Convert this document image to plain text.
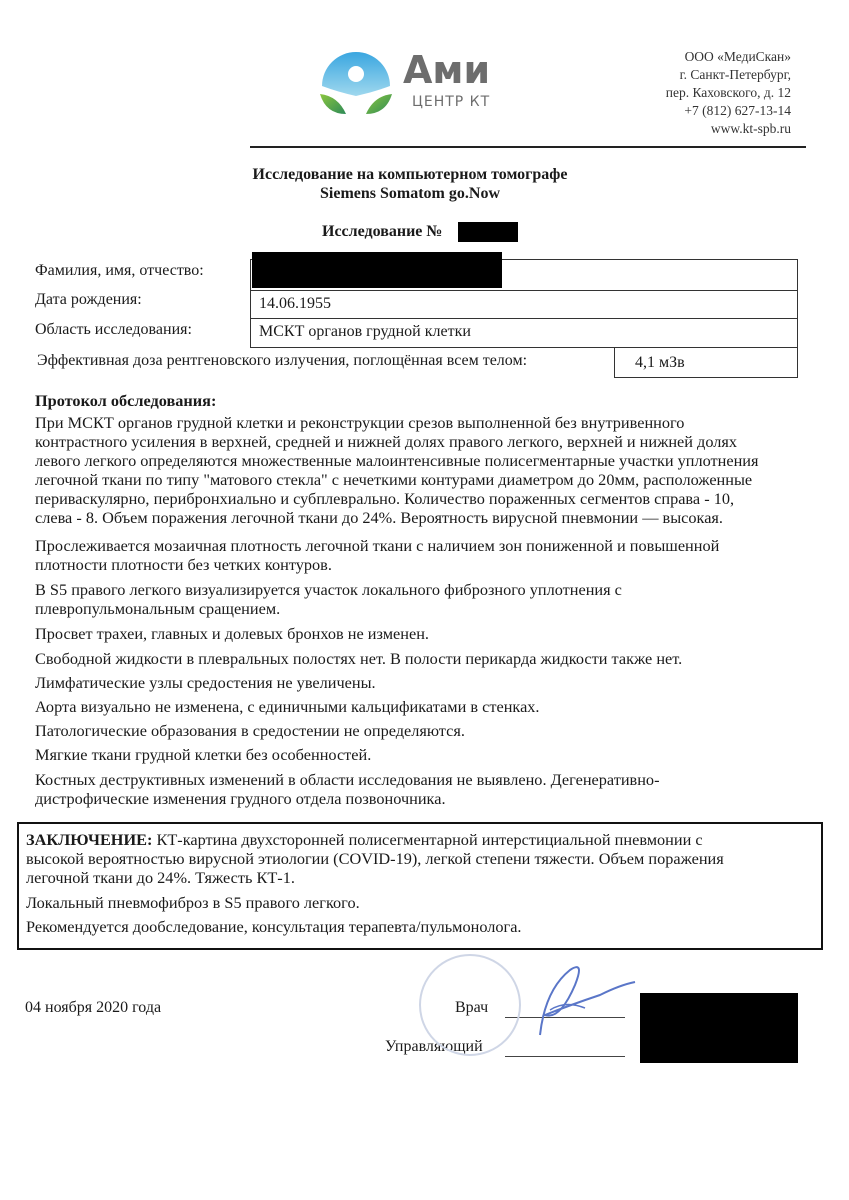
Ами
ЦЕНТР КТ
ООО «МедиСкан»
г. Санкт-Петербург,
пер. Каховского, д. 12
+7 (812) 627-13-14
www.kt-spb.ru
Исследование на компьютерном томографе
Siemens Somatom go.Now
Исследование №
Фамилия, имя, отчество:
Дата рождения:	14.06.1955
Область исследования:	МСКТ органов грудной клетки
Эффективная доза рентгеновского излучения, поглощённая всем телом:	4,1 мЗв
Протокол обследования:
При МСКТ органов грудной клетки и реконструкции срезов выполненной без внутривенного
контрастного усиления в верхней, средней и нижней долях правого легкого, верхней и нижней долях
левого легкого определяются множественные малоинтенсивные полисегментарные участки уплотнения
легочной ткани по типу "матового стекла" с нечеткими контурами диаметром до 20мм, расположенные
периваскулярно, перибронхиально и субплеврально. Количество пораженных сегментов справа - 10,
слева - 8. Объем поражения легочной ткани до 24%. Вероятность вирусной пневмонии — высокая.
Прослеживается мозаичная плотность легочной ткани с наличием зон пониженной и повышенной
плотности плотности без четких контуров.
В S5 правого легкого визуализируется участок локального фиброзного уплотнения с
плевропульмональным сращением.
Просвет трахеи, главных и долевых бронхов не изменен.
Свободной жидкости в плевральных полостях нет. В полости перикарда жидкости также нет.
Лимфатические узлы средостения не увеличены.
Аорта визуально не изменена, с единичными кальцификатами в стенках.
Патологические образования в средостении не определяются.
Мягкие ткани грудной клетки без особенностей.
Костных деструктивных изменений в области исследования не выявлено. Дегенеративно-
дистрофические изменения грудного отдела позвоночника.
ЗАКЛЮЧЕНИЕ: КТ-картина двухсторонней полисегментарной интерстициальной пневмонии с
высокой вероятностью вирусной этиологии (COVID-19), легкой степени тяжести. Объем поражения
легочной ткани до 24%. Тяжесть КТ-1.
Локальный пневмофиброз в S5 правого легкого.
Рекомендуется дообследование, консультация терапевта/пульмонолога.
04 ноября 2020 года	Врач
Управляющий
